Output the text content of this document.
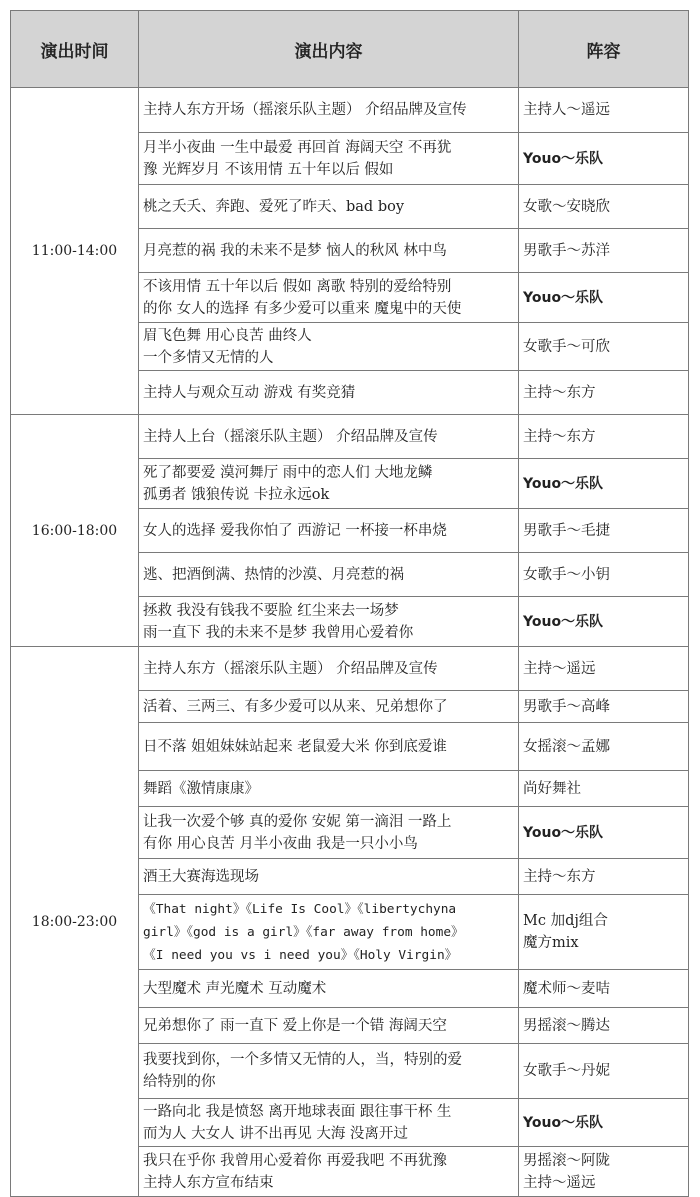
演出时间	演出内容	阵容
11:00-14:00	主持人东方开场（摇滚乐队主题） 介绍品牌及宣传	主持人～遥远

	月半小夜曲 一生中最爱 再回首 海阔天空 不再犹
豫 光辉岁月 不该用情 五十年以后 假如	Youo～乐队

	桃之夭夭、奔跑、爱死了昨天、bad boy	女歌～安晓欣

	月亮惹的祸 我的未来不是梦 恼人的秋风 林中鸟	男歌手～苏洋

	不该用情 五十年以后 假如 离歌 特别的爱给特别
的你 女人的选择 有多少爱可以重来 魔鬼中的天使	Youo～乐队

	眉飞色舞 用心良苦 曲终人
一个多情又无情的人	女歌手～可欣

	主持人与观众互动 游戏 有奖竞猜	主持～东方

16:00-18:00	主持人上台（摇滚乐队主题） 介绍品牌及宣传	主持～东方

	死了都要爱 漠河舞厅 雨中的恋人们 大地龙鳞
孤勇者 饿狼传说 卡拉永远ok	Youo～乐队

	女人的选择 爱我你怕了 西游记 一杯接一杯串烧	男歌手～毛捷

	逃、把酒倒满、热情的沙漠、月亮惹的祸	女歌手～小钥

	拯救 我没有钱我不要脸 红尘来去一场梦
雨一直下 我的未来不是梦 我曾用心爱着你	Youo～乐队

18:00-23:00	主持人东方（摇滚乐队主题） 介绍品牌及宣传	主持～遥远

	活着、三两三、有多少爱可以从来、兄弟想你了	男歌手～高峰

	日不落 姐姐妹妹站起来 老鼠爱大米 你到底爱谁	女摇滚～孟娜

	舞蹈《激情康康》	尚好舞社

	让我一次爱个够 真的爱你 安妮 第一滴泪 一路上
有你 用心良苦 月半小夜曲 我是一只小小鸟	Youo～乐队

	酒王大赛海选现场	主持～东方

	《That night》《Life Is Cool》《libertychyna
girl》《god is a girl》《far away from home》
《I need you vs i need you》《Holy Virgin》	Mc 加dj组合
魔方mix

	大型魔术 声光魔术 互动魔术	魔术师～麦咭

	兄弟想你了 雨一直下 爱上你是一个错 海阔天空	男摇滚～腾达

	我要找到你，一个多情又无情的人，当，特别的爱
给特别的你	女歌手～丹妮

	一路向北 我是愤怒 离开地球表面 跟往事干杯 生
而为人 大女人 讲不出再见 大海 没离开过	Youo～乐队

	我只在乎你 我曾用心爱着你 再爱我吧 不再犹豫
主持人东方宣布结束	男摇滚～阿陇
主持～遥远
